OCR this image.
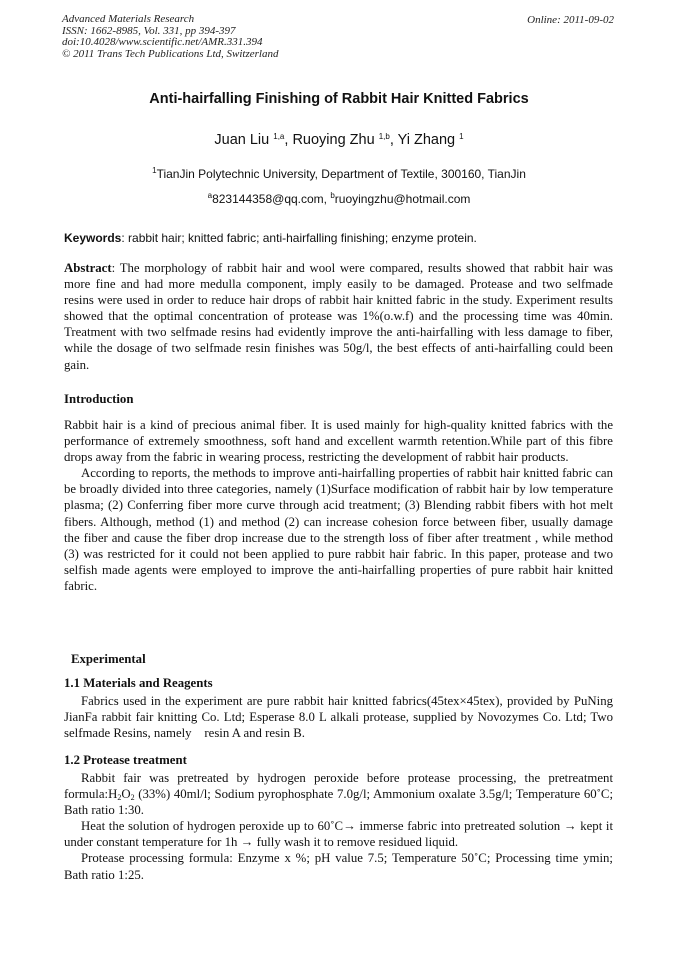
Advanced Materials Research
ISSN: 1662-8985, Vol. 331, pp 394-397
doi:10.4028/www.scientific.net/AMR.331.394
© 2011 Trans Tech Publications Ltd, Switzerland
Online: 2011-09-02
Anti-hairfalling Finishing of Rabbit Hair Knitted Fabrics
Juan Liu $^{1,a}$, Ruoying Zhu $^{1,b}$, Yi Zhang $^1$
$^1$TianJin Polytechnic University, Department of Textile, 300160, TianJin
$^a$823144358@qq.com, $^b$ruoyingzhu@hotmail.com
Keywords: rabbit hair; knitted fabric; anti-hairfalling finishing; enzyme protein.

Abstract: The morphology of rabbit hair and wool were compared, results showed that rabbit hair was more fine and had more medulla component, imply easily to be damaged. Protease and two selfmade resins were used in order to reduce hair drops of rabbit hair knitted fabric in the study. Experiment results showed that the optimal concentration of protease was 1%(o.w.f) and the processing time was 40min. Treatment with two selfmade resins had evidently improve the anti-hairfalling with less damage to fiber, while the dosage of two selfmade resin finishes was 50g/l, the best effects of anti-hairfalling could been gain.

Introduction

Rabbit hair is a kind of precious animal fiber. It is used mainly for high-quality knitted fabrics with the performance of extremely smoothness, soft hand and excellent warmth retention.While part of this fibre drops away from the fabric in wearing process, restricting the development of rabbit hair products.

According to reports, the methods to improve anti-hairfalling properties of rabbit hair knitted fabric can be broadly divided into three categories, namely (1)Surface modification of rabbit hair by low temperature plasma; (2) Conferring fiber more curve through acid treatment; (3) Blending rabbit fibers with hot melt fibers. Although, method (1) and method (2) can increase cohesion force between fiber, usually damage the fiber and cause the fiber drop increase due to the strength loss of fiber after treatment , while method (3) was restricted for it could not been applied to pure rabbit hair fabric. In this paper, protease and two selfish made agents were employed to improve the anti-hairfalling properties of pure rabbit hair knitted fabric.

Experimental
1.1 Materials and Reagents

Fabrics used in the experiment are pure rabbit hair knitted fabrics(45tex×45tex), provided by PuNing JianFa rabbit fair knitting Co. Ltd; Esperase 8.0 L alkali protease, supplied by Novozymes Co. Ltd; Two selfmade Resins, namely    resin A and resin B.

1.2 Protease treatment

Rabbit fair was pretreated by hydrogen peroxide before protease processing, the pretreatment $formula:H_2O_2$ (33%) 40ml/l; Sodium pyrophosphate 7.0g/l; Ammonium oxalate 3.5g/l; Temperature 60˚C; Bath ratio 1:30.

Heat the solution of hydrogen peroxide up to 60˚C→ immerse fabric into pretreated solution → kept it under constant temperature for 1h → fully wash it to remove residued liquid.

Protease processing formula: Enzyme x %; pH value 7.5; Temperature 50˚C; Processing time ymin; Bath ratio 1:25.
